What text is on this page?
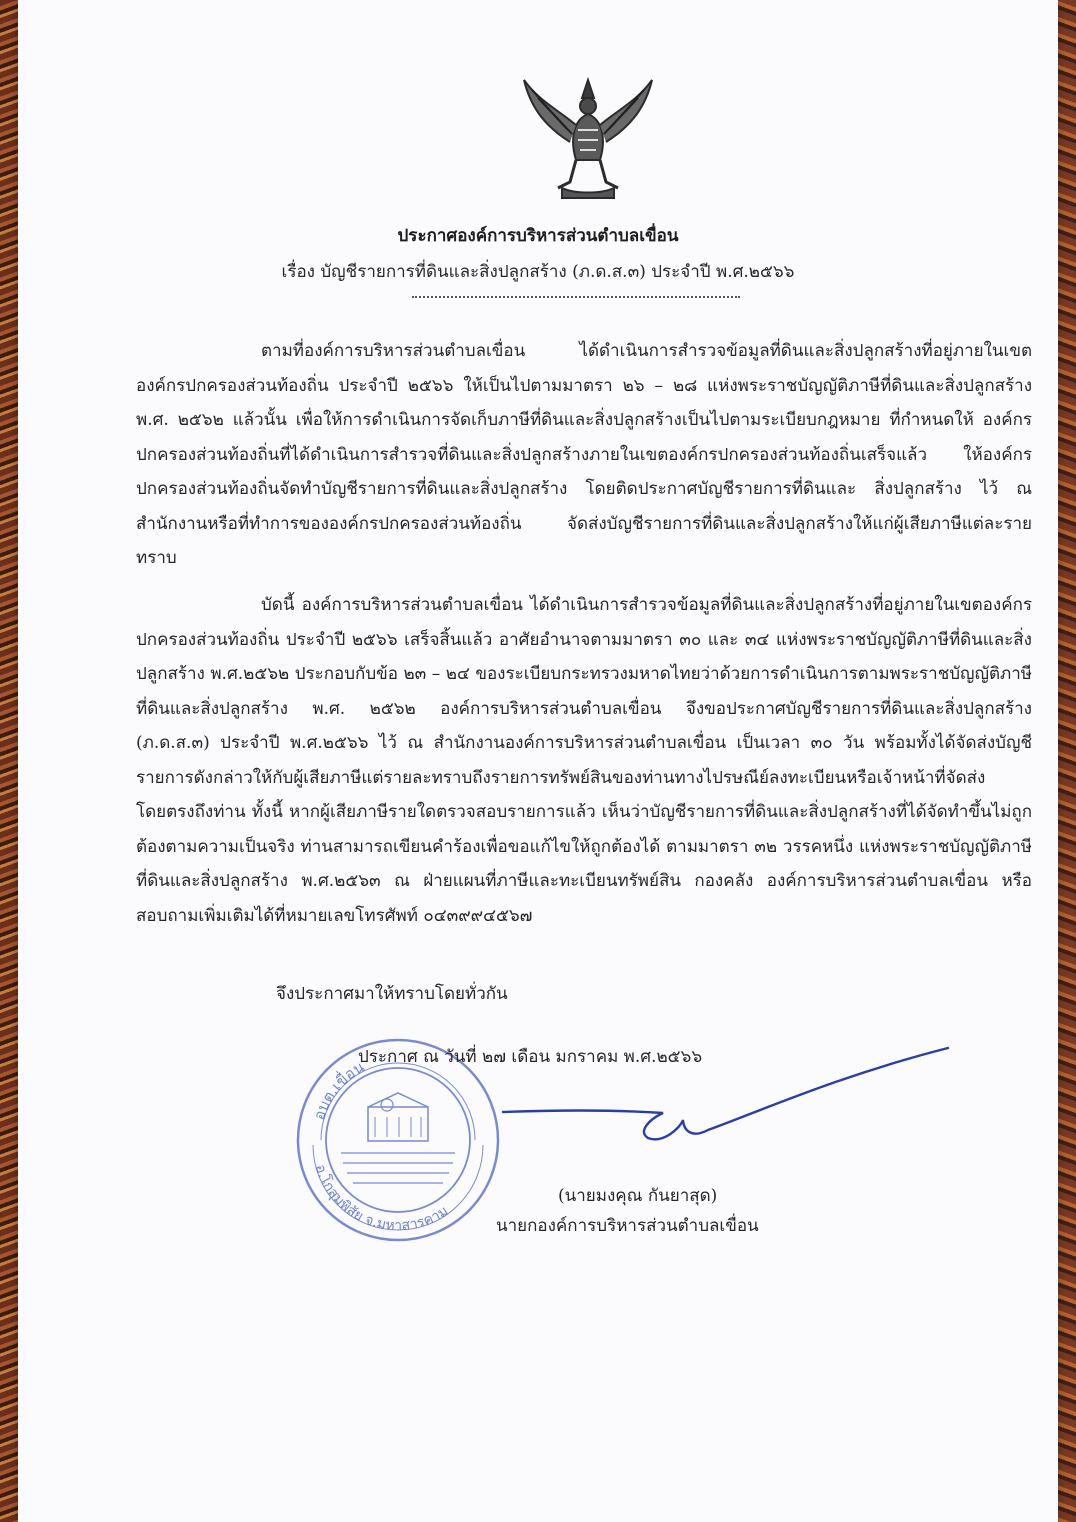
ประกาศองค์การบริหารส่วนตำบลเขื่อน
เรื่อง บัญชีรายการที่ดินและสิ่งปลูกสร้าง (ภ.ด.ส.๓) ประจำปี พ.ศ.๒๕๖๖

ตามที่องค์การบริหารส่วนตำบลเขื่อน ได้ดำเนินการสำรวจข้อมูลที่ดินและสิ่งปลูกสร้างที่อยู่ภายในเขตองค์กรปกครองส่วนท้องถิ่น ประจำปี ๒๕๖๖ ให้เป็นไปตามมาตรา ๒๖ – ๒๘ แห่งพระราชบัญญัติภาษีที่ดินและสิ่งปลูกสร้าง พ.ศ. ๒๕๖๒ แล้วนั้น เพื่อให้การดำเนินการจัดเก็บภาษีที่ดินและสิ่งปลูกสร้างเป็นไปตามระเบียบกฎหมาย ที่กำหนดให้ องค์กรปกครองส่วนท้องถิ่นที่ได้ดำเนินการสำรวจที่ดินและสิ่งปลูกสร้างภายในเขตองค์กรปกครองส่วนท้องถิ่นเสร็จแล้ว ให้องค์กรปกครองส่วนท้องถิ่นจัดทำบัญชีรายการที่ดินและสิ่งปลูกสร้าง โดยติดประกาศบัญชีรายการที่ดินและ สิ่งปลูกสร้าง ไว้ ณ สำนักงานหรือที่ทำการขององค์กรปกครองส่วนท้องถิ่น จัดส่งบัญชีรายการที่ดินและสิ่งปลูกสร้างให้แก่ผู้เสียภาษีแต่ละรายทราบ

บัดนี้ องค์การบริหารส่วนตำบลเขื่อน ได้ดำเนินการสำรวจข้อมูลที่ดินและสิ่งปลูกสร้างที่อยู่ภายในเขตองค์กรปกครองส่วนท้องถิ่น ประจำปี ๒๕๖๖ เสร็จสิ้นแล้ว อาศัยอำนาจตามมาตรา ๓๐ และ ๓๔ แห่งพระราชบัญญัติภาษีที่ดินและสิ่งปลูกสร้าง พ.ศ.๒๕๖๒ ประกอบกับข้อ ๒๓ – ๒๔ ของระเบียบกระทรวงมหาดไทยว่าด้วยการดำเนินการตามพระราชบัญญัติภาษีที่ดินและสิ่งปลูกสร้าง พ.ศ. ๒๕๖๒ องค์การบริหารส่วนตำบลเขื่อน จึงขอประกาศบัญชีรายการที่ดินและสิ่งปลูกสร้าง (ภ.ด.ส.๓) ประจำปี พ.ศ.๒๕๖๖ ไว้ ณ สำนักงานองค์การบริหารส่วนตำบลเขื่อน เป็นเวลา ๓๐ วัน พร้อมทั้งได้จัดส่งบัญชีรายการดังกล่าวให้กับผู้เสียภาษีแต่รายละทราบถึงรายการทรัพย์สินของท่านทางไปรษณีย์ลงทะเบียนหรือเจ้าหน้าที่จัดส่งโดยตรงถึงท่าน ทั้งนี้ หากผู้เสียภาษีรายใดตรวจสอบรายการแล้ว เห็นว่าบัญชีรายการที่ดินและสิ่งปลูกสร้างที่ได้จัดทำขึ้นไม่ถูกต้องตามความเป็นจริง ท่านสามารถเขียนคำร้องเพื่อขอแก้ไขให้ถูกต้องได้ ตามมาตรา ๓๒ วรรคหนึ่ง แห่งพระราชบัญญัติภาษีที่ดินและสิ่งปลูกสร้าง พ.ศ.๒๕๖๓ ณ ฝ่ายแผนที่ภาษีและทะเบียนทรัพย์สิน กองคลัง องค์การบริหารส่วนตำบลเขื่อน หรือสอบถามเพิ่มเติมได้ที่หมายเลขโทรศัพท์ ๐๔๓๙๙๔๕๖๗

จึงประกาศมาให้ทราบโดยทั่วกัน
อบต.เขื่อน
อ.โกสุมพิสัย จ.มหาสารคาม
ประกาศ ณ วันที่ ๒๗ เดือน มกราคม พ.ศ.๒๕๖๖
(นายมงคุณ กันยาสุด)
นายกองค์การบริหารส่วนตำบลเขื่อน
